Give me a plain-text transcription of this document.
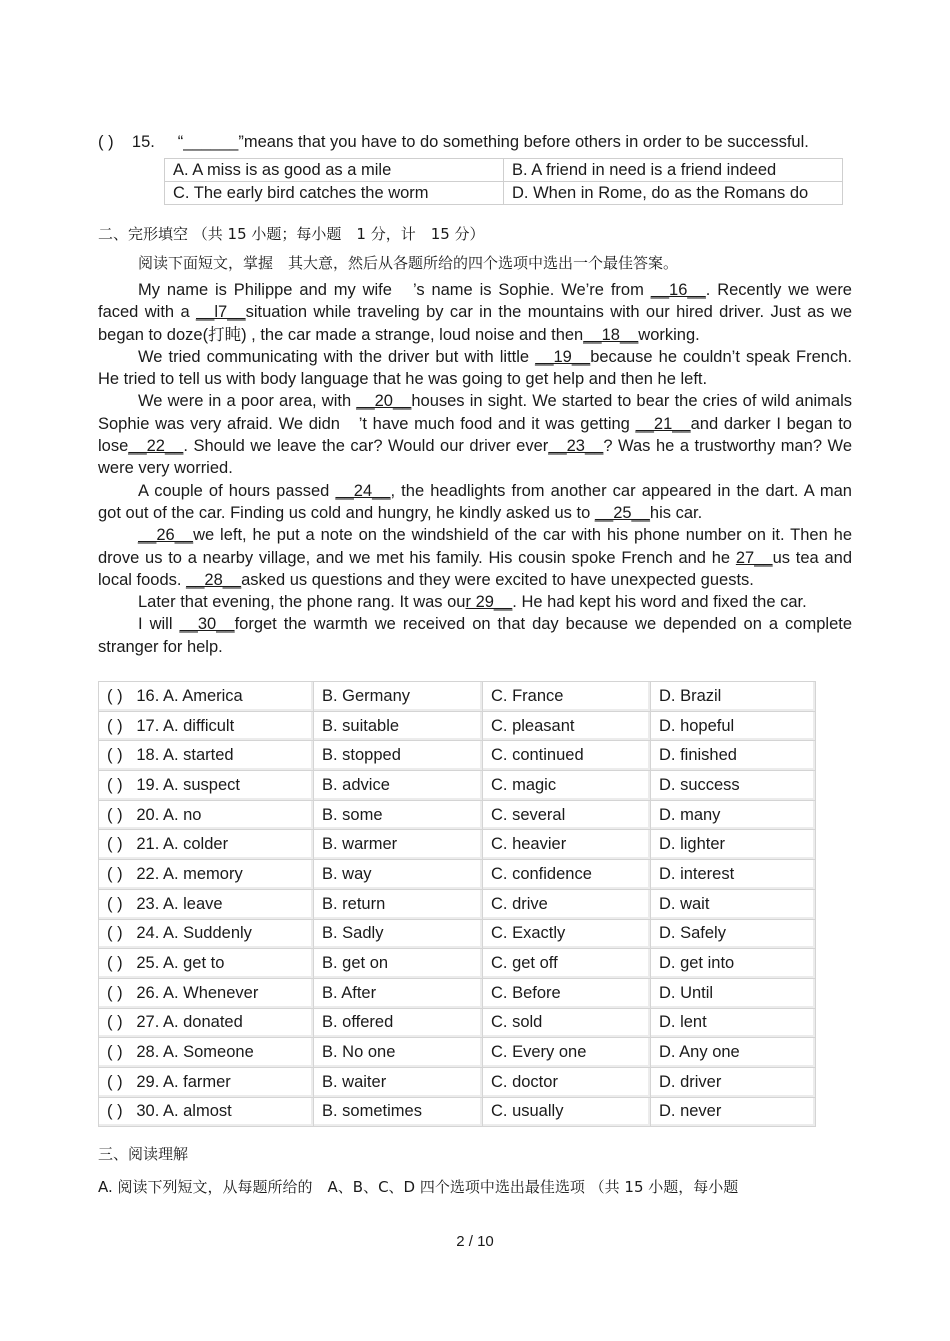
( ) 15. “______”means that you have to do something before others in order to be successful.
A. A miss is as good as a mile	B. A friend in need is a friend indeed
C. The early bird catches the worm	D. When in Rome, do as the Romans do
二、完形填空 （共 15 小题；每小题　1 分，计　15 分）
阅读下面短文，掌握　其大意，然后从各题所给的四个选项中选出一个最佳答案。

My name is Philippe and my wife　’s name is Sophie. We’re from __16__. Recently we were faced with a __l7__situation while traveling by car in the mountains with our hired driver. Just as we began to doze(打盹) , the car made a strange, loud noise and then__18__working.

We tried communicating with the driver but with little __19__because he couldn’t speak French. He tried to tell us with body language that he was going to get help and then he left.

We were in a poor area, with __20__houses in sight. We started to bear the cries of wild animals Sophie was very afraid. We didn　’t have much food and it was getting __21__and darker I began to lose__22__. Should we leave the car? Would our driver ever__23__? Was he a trustworthy man? We were very worried.

A couple of hours passed __24__, the headlights from another car appeared in the dart. A man got out of the car. Finding us cold and hungry, he kindly asked us to __25__his car.

__26__we left, he put a note on the windshield of the car with his phone number on it. Then he drove us to a nearby village, and we met his family. His cousin spoke French and he 27__us tea and local foods. __28__asked us questions and they were excited to have unexpected guests.

Later that evening, the phone rang. It was our 29__. He had kept his word and fixed the car.

I will __30__forget the warmth we received on that day because we depended on a complete stranger for help.

( ) 16. A. America	B. Germany	C. France	D. Brazil
( ) 17. A. difficult	B. suitable	C. pleasant	D. hopeful
( ) 18. A. started	B. stopped	C. continued	D. finished
( ) 19. A. suspect	B. advice	C. magic	D. success
( ) 20. A. no	B. some	C. several	D. many
( ) 21. A. colder	B. warmer	C. heavier	D. lighter
( ) 22. A. memory	B. way	C. confidence	D. interest
( ) 23. A. leave	B. return	C. drive	D. wait
( ) 24. A. Suddenly	B. Sadly	C. Exactly	D. Safely
( ) 25. A. get to	B. get on	C. get off	D. get into
( ) 26. A. Whenever	B. After	C. Before	D. Until
( ) 27. A. donated	B. offered	C. sold	D. lent
( ) 28. A. Someone	B. No one	C. Every one	D. Any one
( ) 29. A. farmer	B. waiter	C. doctor	D. driver
( ) 30. A. almost	B. sometimes	C. usually	D. never
三、阅读理解
A. 阅读下列短文，从每题所给的　A、B、C、D 四个选项中选出最佳选项 （共 15 小题，每小题
2 / 10
